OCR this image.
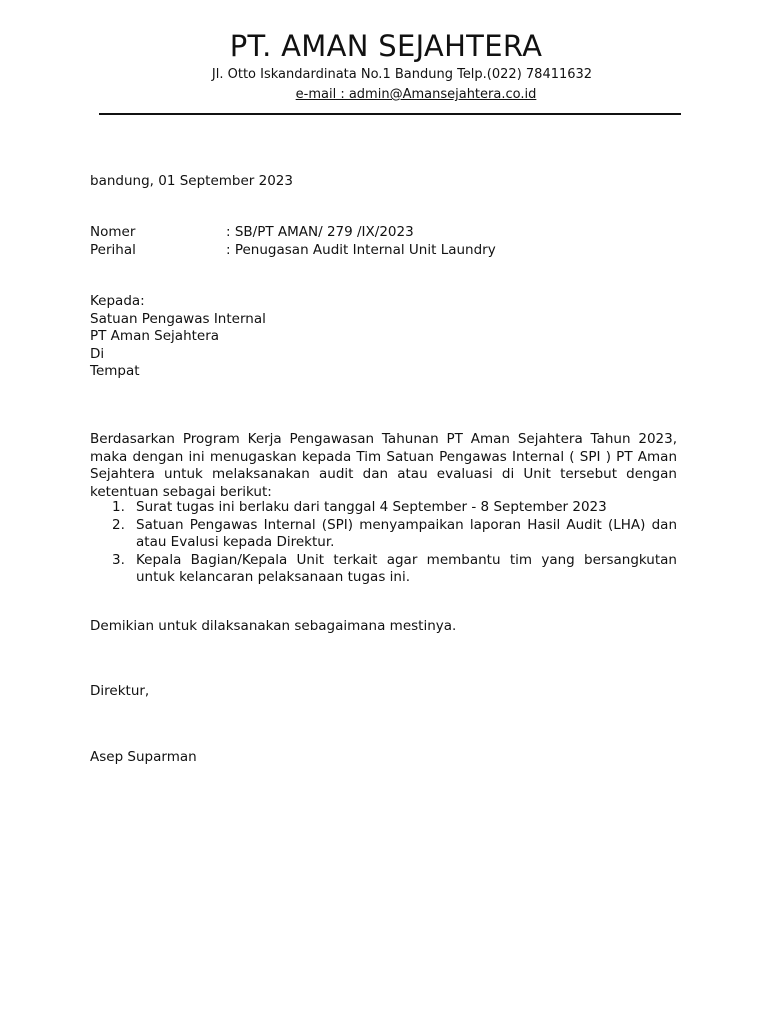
PT. AMAN SEJAHTERA
Jl. Otto Iskandardinata No.1 Bandung Telp.(022) 78411632
e-mail : admin@Amansejahtera.co.id
bandung, 01 September 2023
Nomer	: SB/PT AMAN/ 279 /IX/2023
Perihal	: Penugasan Audit Internal Unit Laundry
Kepada:
Satuan Pengawas Internal
PT Aman Sejahtera
Di
Tempat
Berdasarkan Program Kerja Pengawasan Tahunan PT Aman Sejahtera Tahun 2023, maka dengan ini menugaskan kepada Tim Satuan Pengawas Internal ( SPI ) PT Aman Sejahtera untuk melaksanakan audit dan atau evaluasi di Unit tersebut dengan ketentuan sebagai berikut:
1. Surat tugas ini berlaku dari tanggal 4 September - 8 September 2023
2. Satuan Pengawas Internal (SPI) menyampaikan laporan Hasil Audit (LHA) dan atau Evalusi kepada Direktur.
3. Kepala Bagian/Kepala Unit terkait agar membantu tim yang bersangkutan untuk kelancaran pelaksanaan tugas ini.
Demikian untuk dilaksanakan sebagaimana mestinya.
Direktur,
Asep Suparman
